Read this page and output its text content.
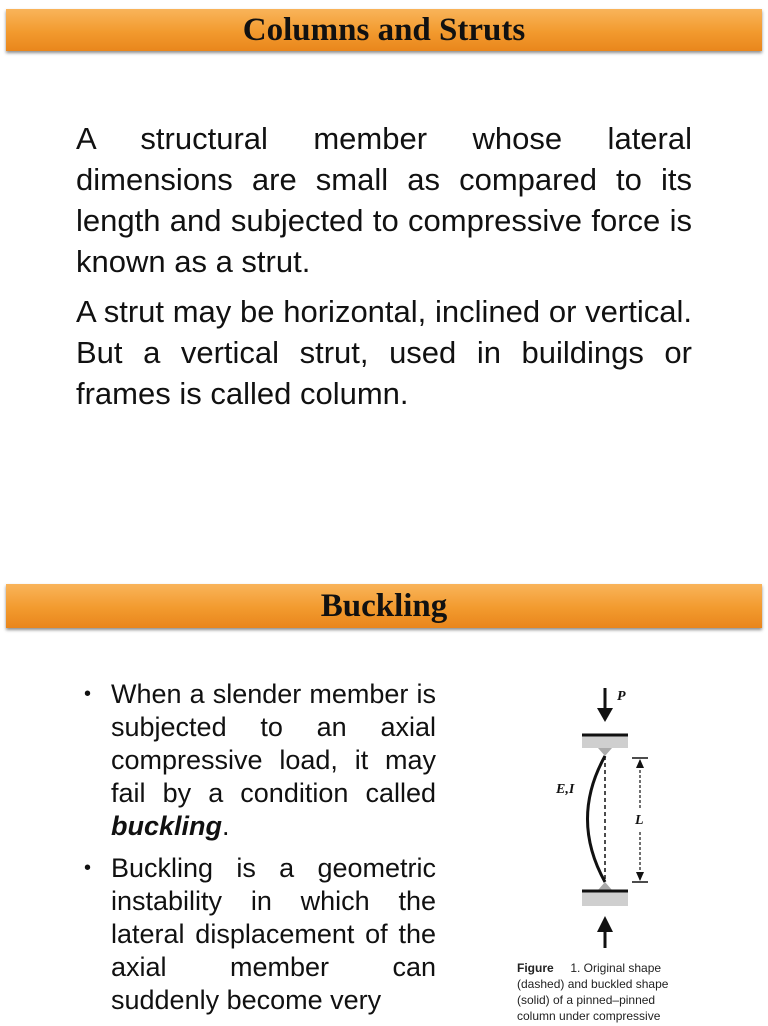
Columns and Struts

A structural member whose lateral dimensions are small as compared to its length and subjected to compressive force is known as a strut.

A strut may be horizontal, inclined or vertical. But a vertical strut, used in buildings or frames is called column.

Buckling
• When a slender member is subjected to an axial compressive load, it may fail by a condition called buckling.
• Buckling is a geometric instability in which the lateral displacement of the axial member can suddenly become very
P
E,I
L
Figure 1. Original shape (dashed) and buckled shape (solid) of a pinned–pinned column under compressive
